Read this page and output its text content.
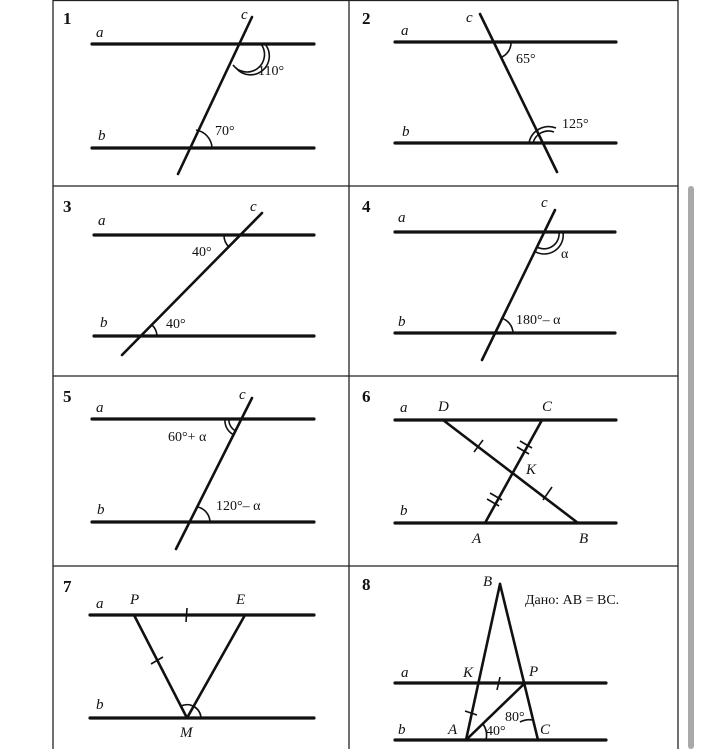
1
a
b
c
110°
70°
2
a
b
c
65°
125°
3
a
b
c
40°
40°
4
a
b
c
α
180°– α
5
a
b
c
60°+ α
120°– α
6
a
b
D	C
K
A	B
7
a
b
P	E
M
8
a
b
B
K	P
A	C
Дано: AB = BC.
80°
40°
